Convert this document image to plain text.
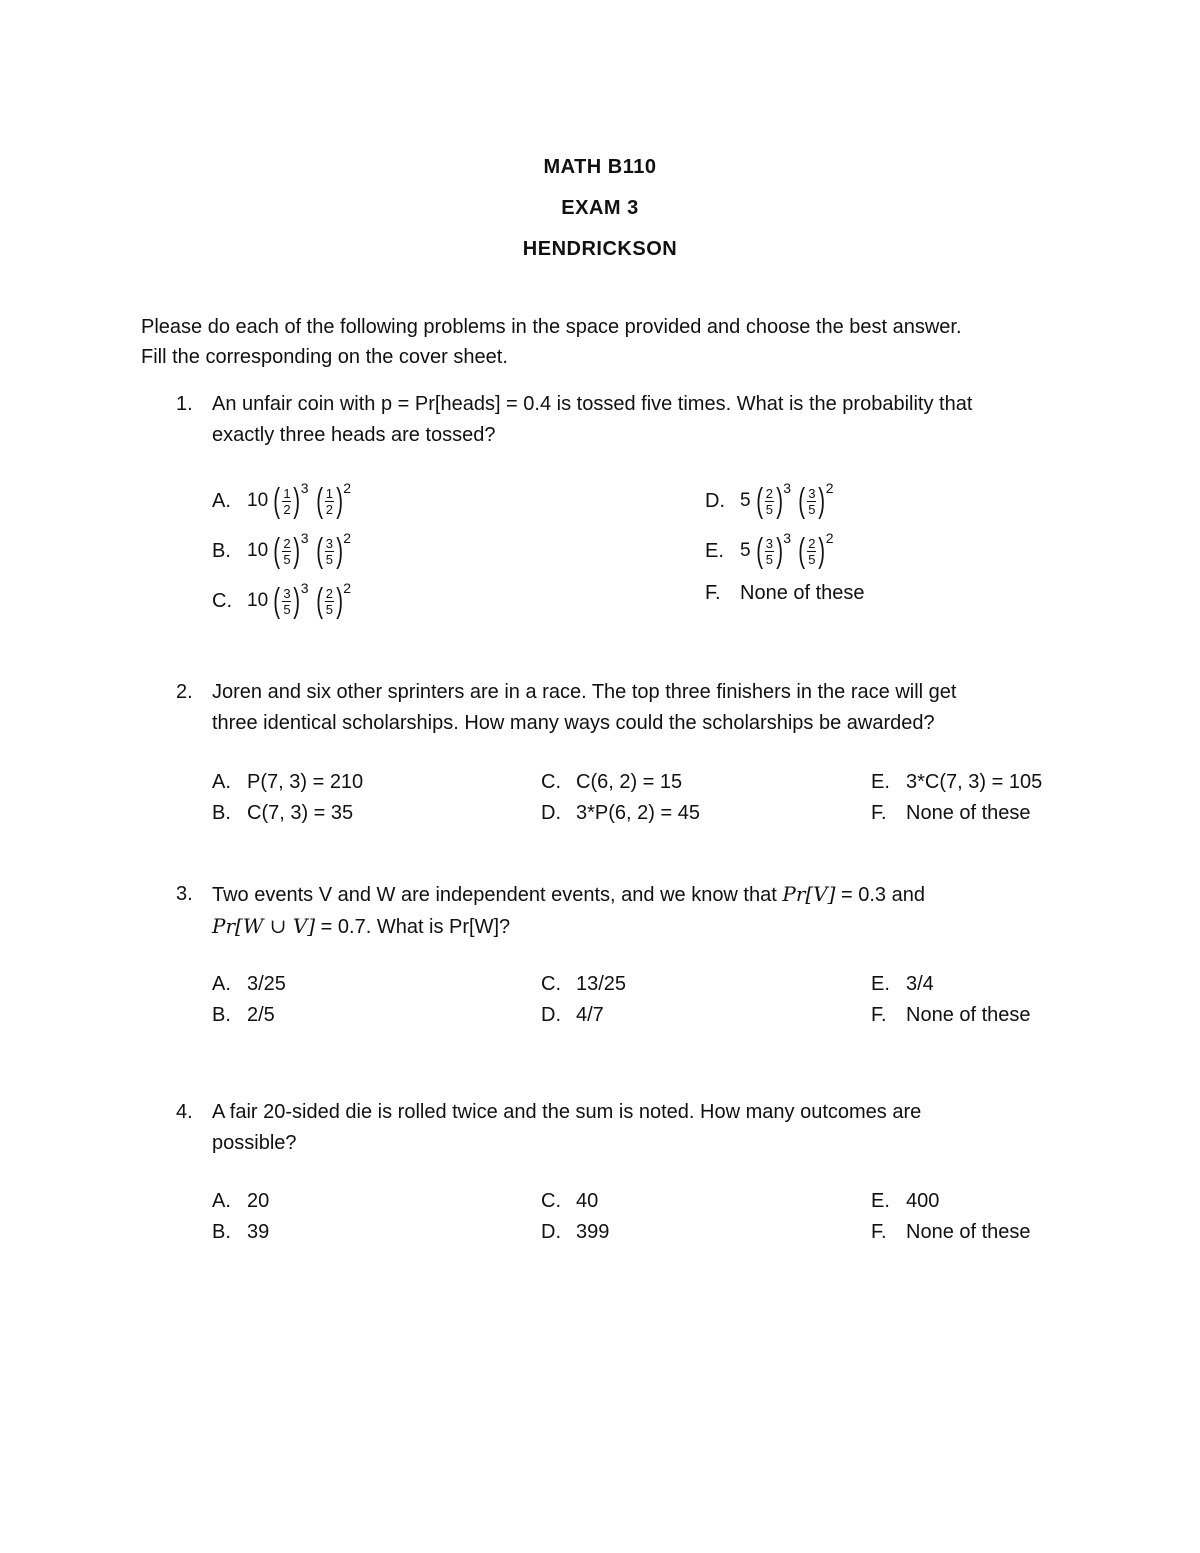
MATH B110
EXAM 3
HENDRICKSON
Please do each of the following problems in the space provided and choose the best answer.
Fill the corresponding on the cover sheet.
1. An unfair coin with p = Pr[heads] = 0.4 is tossed five times. What is the probability that
exactly three heads are tossed?
A. 10 ( $\frac{1}{2}$ ) 3 ( $\frac{1}{2}$ ) 2
B. 10 ( $\frac{2}{5}$ ) 3 ( $\frac{3}{5}$ ) 2
C. 10 ( $\frac{3}{5}$ ) 3 ( $\frac{2}{5}$ ) 2
D. 5 ( $\frac{2}{5}$ ) 3 ( $\frac{3}{5}$ ) 2
E. 5 ( $\frac{3}{5}$ ) 3 ( $\frac{2}{5}$ ) 2
F. None of these
2. Joren and six other sprinters are in a race. The top three finishers in the race will get
three identical scholarships. How many ways could the scholarships be awarded?
A. P(7, 3) = 210
B. C(7, 3) = 35
C. C(6, 2) = 15
D. 3*P(6, 2) = 45
E. 3*C(7, 3) = 105
F. None of these
3. Two events V and W are independent events, and we know that Pr[V] = 0.3 and
Pr[W ∪ V] = 0.7. What is Pr[W]?
A. 3/25
B. 2/5
C. 13/25
D. 4/7
E. 3/4
F. None of these
4. A fair 20-sided die is rolled twice and the sum is noted. How many outcomes are
possible?
A. 20
B. 39
C. 40
D. 399
E. 400
F. None of these
